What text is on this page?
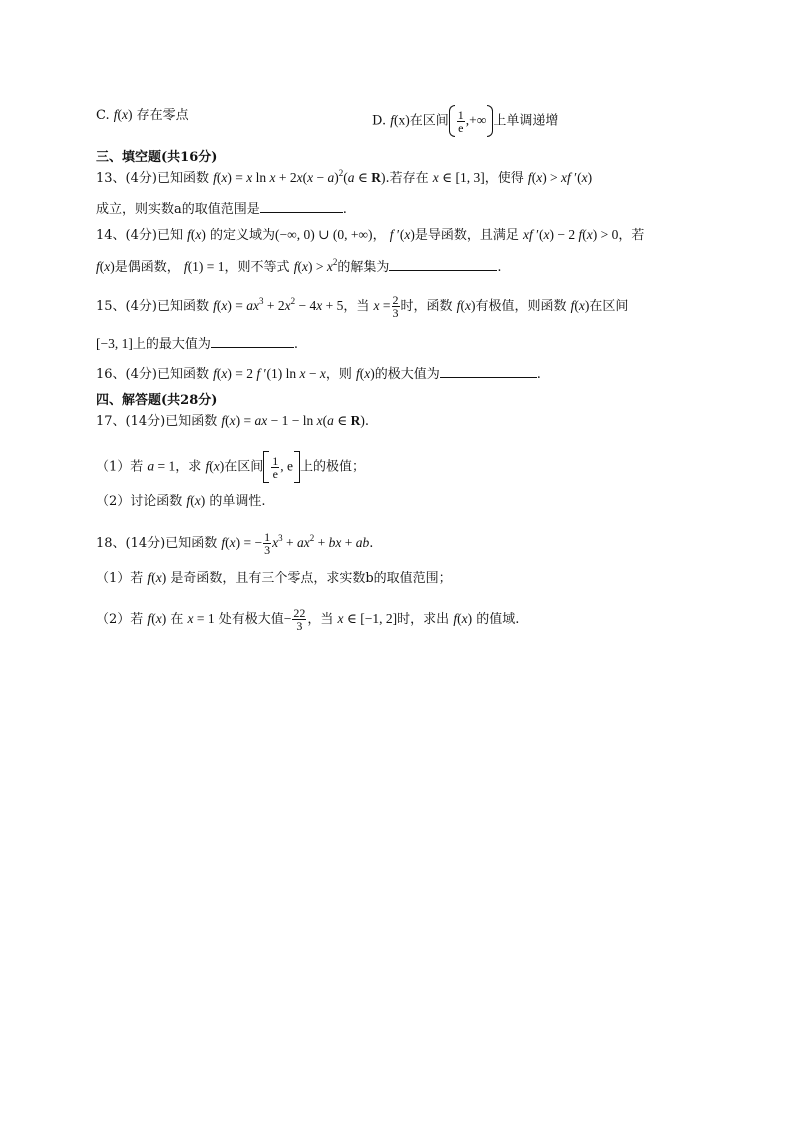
C. f(x) 存在零点	D. f(x)在区间 $\frac{1}{e}$ ,+∞ 上单调递增
三、填空题(共16分)
13、(4分)已知函数 f(x) = x $\ln x + 2x(x - a)^2(a$ ∈ R).若存在 x ∈ [1, 3]，使得 f(x) > xf ′(x)
成立，则实数a的取值范围是	.
14、(4分)已知 f(x) 的定义域为(−∞, 0) ∪ (0, +∞)， f ′(x)是导函数，且满足 xf ′(x) − 2 f(x) > 0，若
f(x)是偶函数， f(1) = 1，则不等式 $f(x) > x^2$的解集为	.
15、(4分)已知函数 $f(x) = ax^3 + 2x^2 - 4x + 5$，当 $x = \frac{2}{3}$ 时，函数 f(x)有极值，则函数 f(x)在区间
[−3, 1]上的最大值为	.
16、(4分)已知函数 f(x) = 2 f ′(1) ln x − x，则 f(x)的极大值为	.
四、解答题(共28分)
17、(14分)已知函数 f(x) = ax − 1 − ln x(a ∈ R).
（1）若 a = 1，求 f(x)在区间 $\frac{1}{e}$ , e 上的极值；
（2）讨论函数 f(x) 的单调性.
18、(14分)已知函数 f(x) = − $\frac{1}{3} x^3 + ax^2$ + bx + ab.
（1）若 f(x) 是奇函数，且有三个零点，求实数b的取值范围；
（2）若 f(x) 在 x = 1 处有极大值− $\frac{22}{3}$ ，当 x ∈ [−1, 2]时，求出 f(x) 的值域.
